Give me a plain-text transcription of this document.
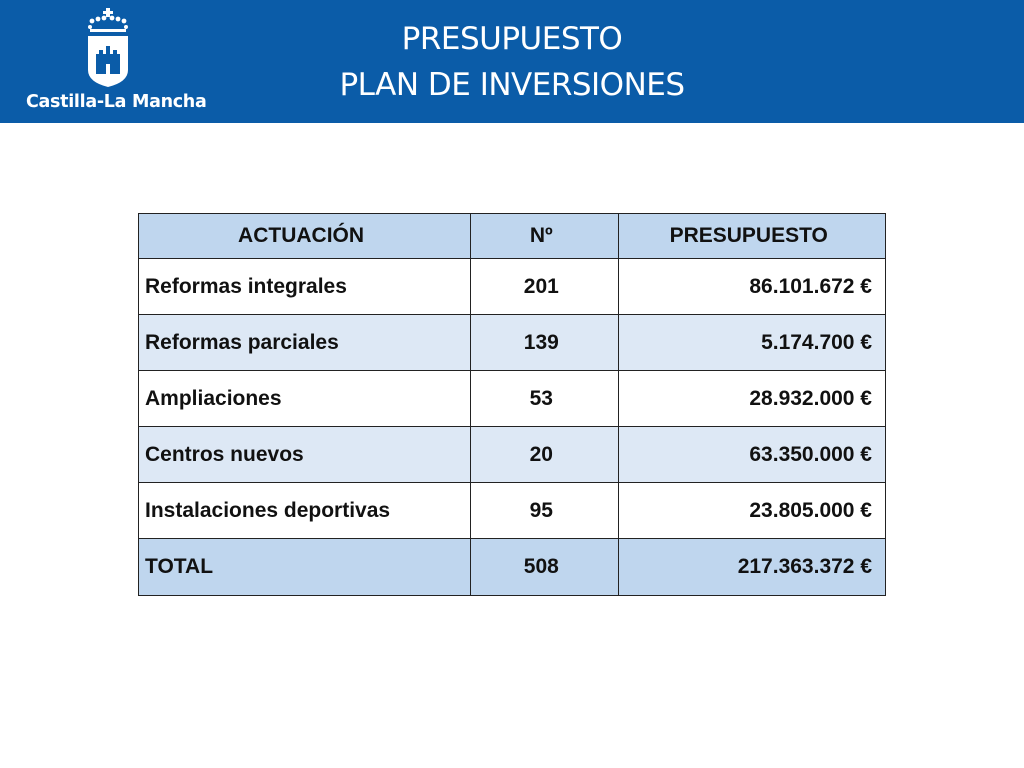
Castilla-La Mancha
PRESUPUESTO
PLAN DE INVERSIONES
ACTUACIÓN	Nº	PRESUPUESTO
Reformas integrales	201	86.101.672 €
Reformas parciales	139	5.174.700 €
Ampliaciones	53	28.932.000 €
Centros nuevos	20	63.350.000 €
Instalaciones deportivas	95	23.805.000 €
TOTAL	508	217.363.372 €
